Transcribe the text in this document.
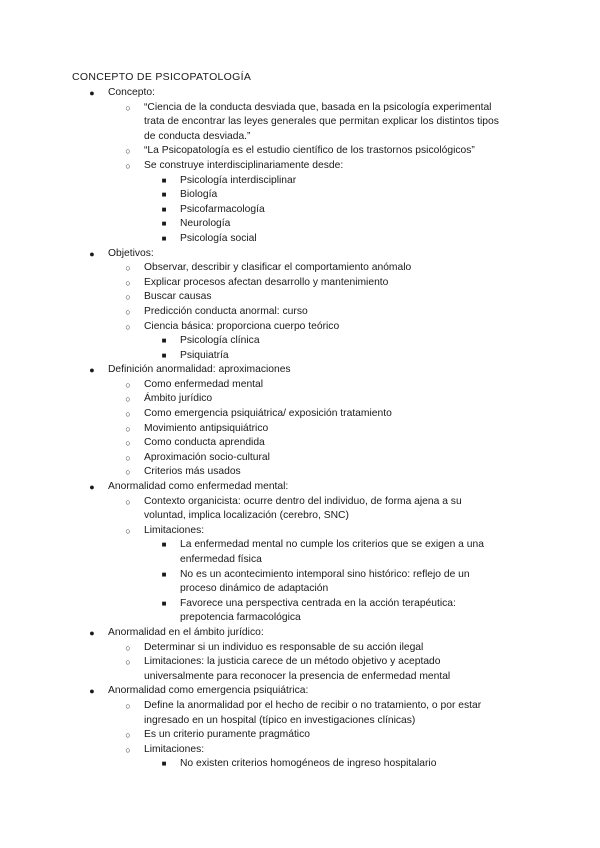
CONCEPTO DE PSICOPATOLOGÍA
●	Concepto:
○	“Ciencia de la conducta desviada que, basada en la psicología experimental
trata de encontrar las leyes generales que permitan explicar los distintos tipos
de conducta desviada.”
○	“La Psicopatología es el estudio científico de los trastornos psicológicos”
○	Se construye interdisciplinariamente desde:
■	Psicología interdisciplinar
■	Biología
■	Psicofarmacología
■	Neurología
■	Psicología social
●	Objetivos:
○	Observar, describir y clasificar el comportamiento anómalo
○	Explicar procesos afectan desarrollo y mantenimiento
○	Buscar causas
○	Predicción conducta anormal: curso
○	Ciencia básica: proporciona cuerpo teórico
■	Psicología clínica
■	Psiquiatría
●	Definición anormalidad: aproximaciones
○	Como enfermedad mental
○	Ámbito jurídico
○	Como emergencia psiquiátrica/ exposición tratamiento
○	Movimiento antipsiquiátrico
○	Como conducta aprendida
○	Aproximación socio-cultural
○	Criterios más usados
●	Anormalidad como enfermedad mental:
○	Contexto organicista: ocurre dentro del individuo, de forma ajena a su
voluntad, implica localización (cerebro, SNC)
○	Limitaciones:
■	La enfermedad mental no cumple los criterios que se exigen a una
enfermedad física
■	No es un acontecimiento intemporal sino histórico: reflejo de un
proceso dinámico de adaptación
■	Favorece una perspectiva centrada en la acción terapéutica:
prepotencia farmacológica
●	Anormalidad en el ámbito jurídico:
○	Determinar si un individuo es responsable de su acción ilegal
○	Limitaciones: la justicia carece de un método objetivo y aceptado
universalmente para reconocer la presencia de enfermedad mental
●	Anormalidad como emergencia psiquiátrica:
○	Define la anormalidad por el hecho de recibir o no tratamiento, o por estar
ingresado en un hospital (típico en investigaciones clínicas)
○	Es un criterio puramente pragmático
○	Limitaciones:
■	No existen criterios homogéneos de ingreso hospitalario
